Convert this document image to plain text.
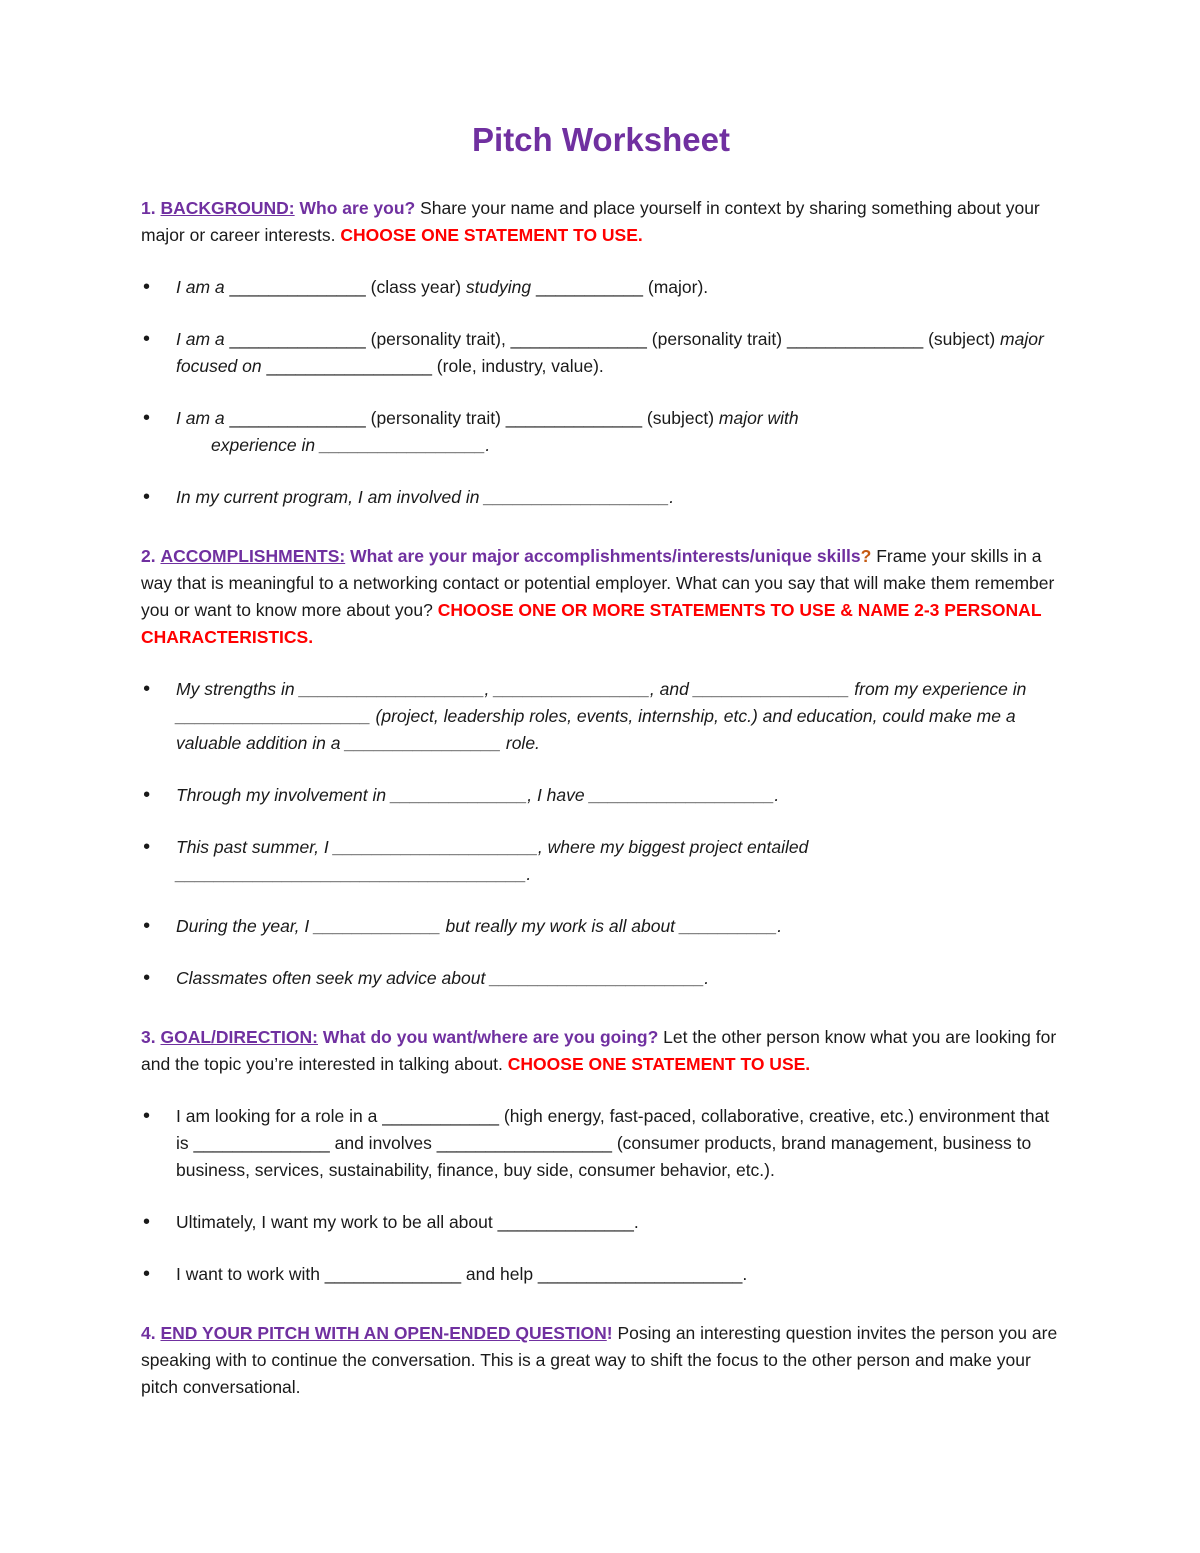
Pitch Worksheet

1. BACKGROUND: Who are you? Share your name and place yourself in context by sharing something about your major or career interests. CHOOSE ONE STATEMENT TO USE.

• I am a ______________ (class year) studying ___________ (major).
• I am a ______________ (personality trait), ______________ (personality trait) ______________ (subject) major focused on _________________ (role, industry, value).
• I am a ______________ (personality trait) ______________ (subject) major with
experience in _________________.
• In my current program, I am involved in ___________________.

2. ACCOMPLISHMENTS: What are your major accomplishments/interests/unique skills? Frame your skills in a way that is meaningful to a networking contact or potential employer. What can you say that will make them remember you or want to know more about you? CHOOSE ONE OR MORE STATEMENTS TO USE & NAME 2-3 PERSONAL CHARACTERISTICS.

• My strengths in ___________________, ________________, and ________________ from my experience in ____________________ (project, leadership roles, events, internship, etc.) and education, could make me a valuable addition in a ________________ role.
• Through my involvement in ______________, I have ___________________.
• This past summer, I _____________________, where my biggest project entailed ____________________________________.
• During the year, I _____________ but really my work is all about __________.
• Classmates often seek my advice about ______________________.

3. GOAL/DIRECTION: What do you want/where are you going? Let the other person know what you are looking for and the topic you’re interested in talking about. CHOOSE ONE STATEMENT TO USE.

• I am looking for a role in a ____________ (high energy, fast-paced, collaborative, creative, etc.) environment that is ______________ and involves __________________ (consumer products, brand management, business to business, services, sustainability, finance, buy side, consumer behavior, etc.).
• Ultimately, I want my work to be all about ______________.
• I want to work with ______________ and help _____________________.

4. END YOUR PITCH WITH AN OPEN-ENDED QUESTION! Posing an interesting question invites the person you are speaking with to continue the conversation. This is a great way to shift the focus to the other person and make your pitch conversational.
